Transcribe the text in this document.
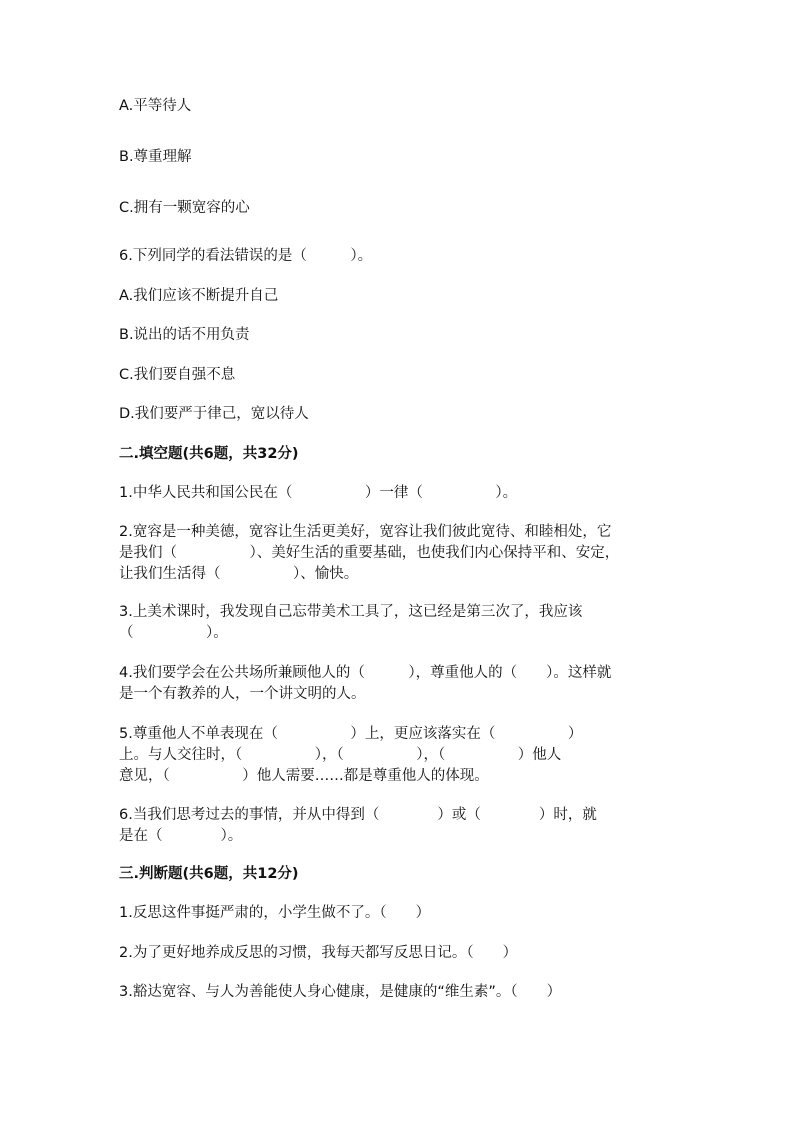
A.平等待人
B.尊重理解
C.拥有一颗宽容的心
6.下列同学的看法错误的是（　　　）。
A.我们应该不断提升自己
B.说出的话不用负责
C.我们要自强不息
D.我们要严于律己，宽以待人
二.填空题(共6题，共32分)
1.中华人民共和国公民在（　　　　　）一律（　　　　　）。
2.宽容是一种美德，宽容让生活更美好，宽容让我们彼此宽待、和睦相处，它
是我们（　　　　　）、美好生活的重要基础，也使我们内心保持平和、安定，
让我们生活得（　　　　　）、愉快。
3.上美术课时，我发现自己忘带美术工具了，这已经是第三次了，我应该
（　　　　　）。
4.我们要学会在公共场所兼顾他人的（　　　），尊重他人的（　　）。这样就
是一个有教养的人，一个讲文明的人。
5.尊重他人不单表现在（　　　　　）上，更应该落实在（　　　　　）
上。与人交往时，（　　　　　），（　　　　　），（　　　　　）他人
意见，（　　　　　）他人需要……都是尊重他人的体现。
6.当我们思考过去的事情，并从中得到（　　　　）或（　　　　）时，就
是在（　　　　）。
三.判断题(共6题，共12分)
1.反思这件事挺严肃的，小学生做不了。（　　）
2.为了更好地养成反思的习惯，我每天都写反思日记。（　　）
3.豁达宽容、与人为善能使人身心健康，是健康的“维生素”。（　　）
